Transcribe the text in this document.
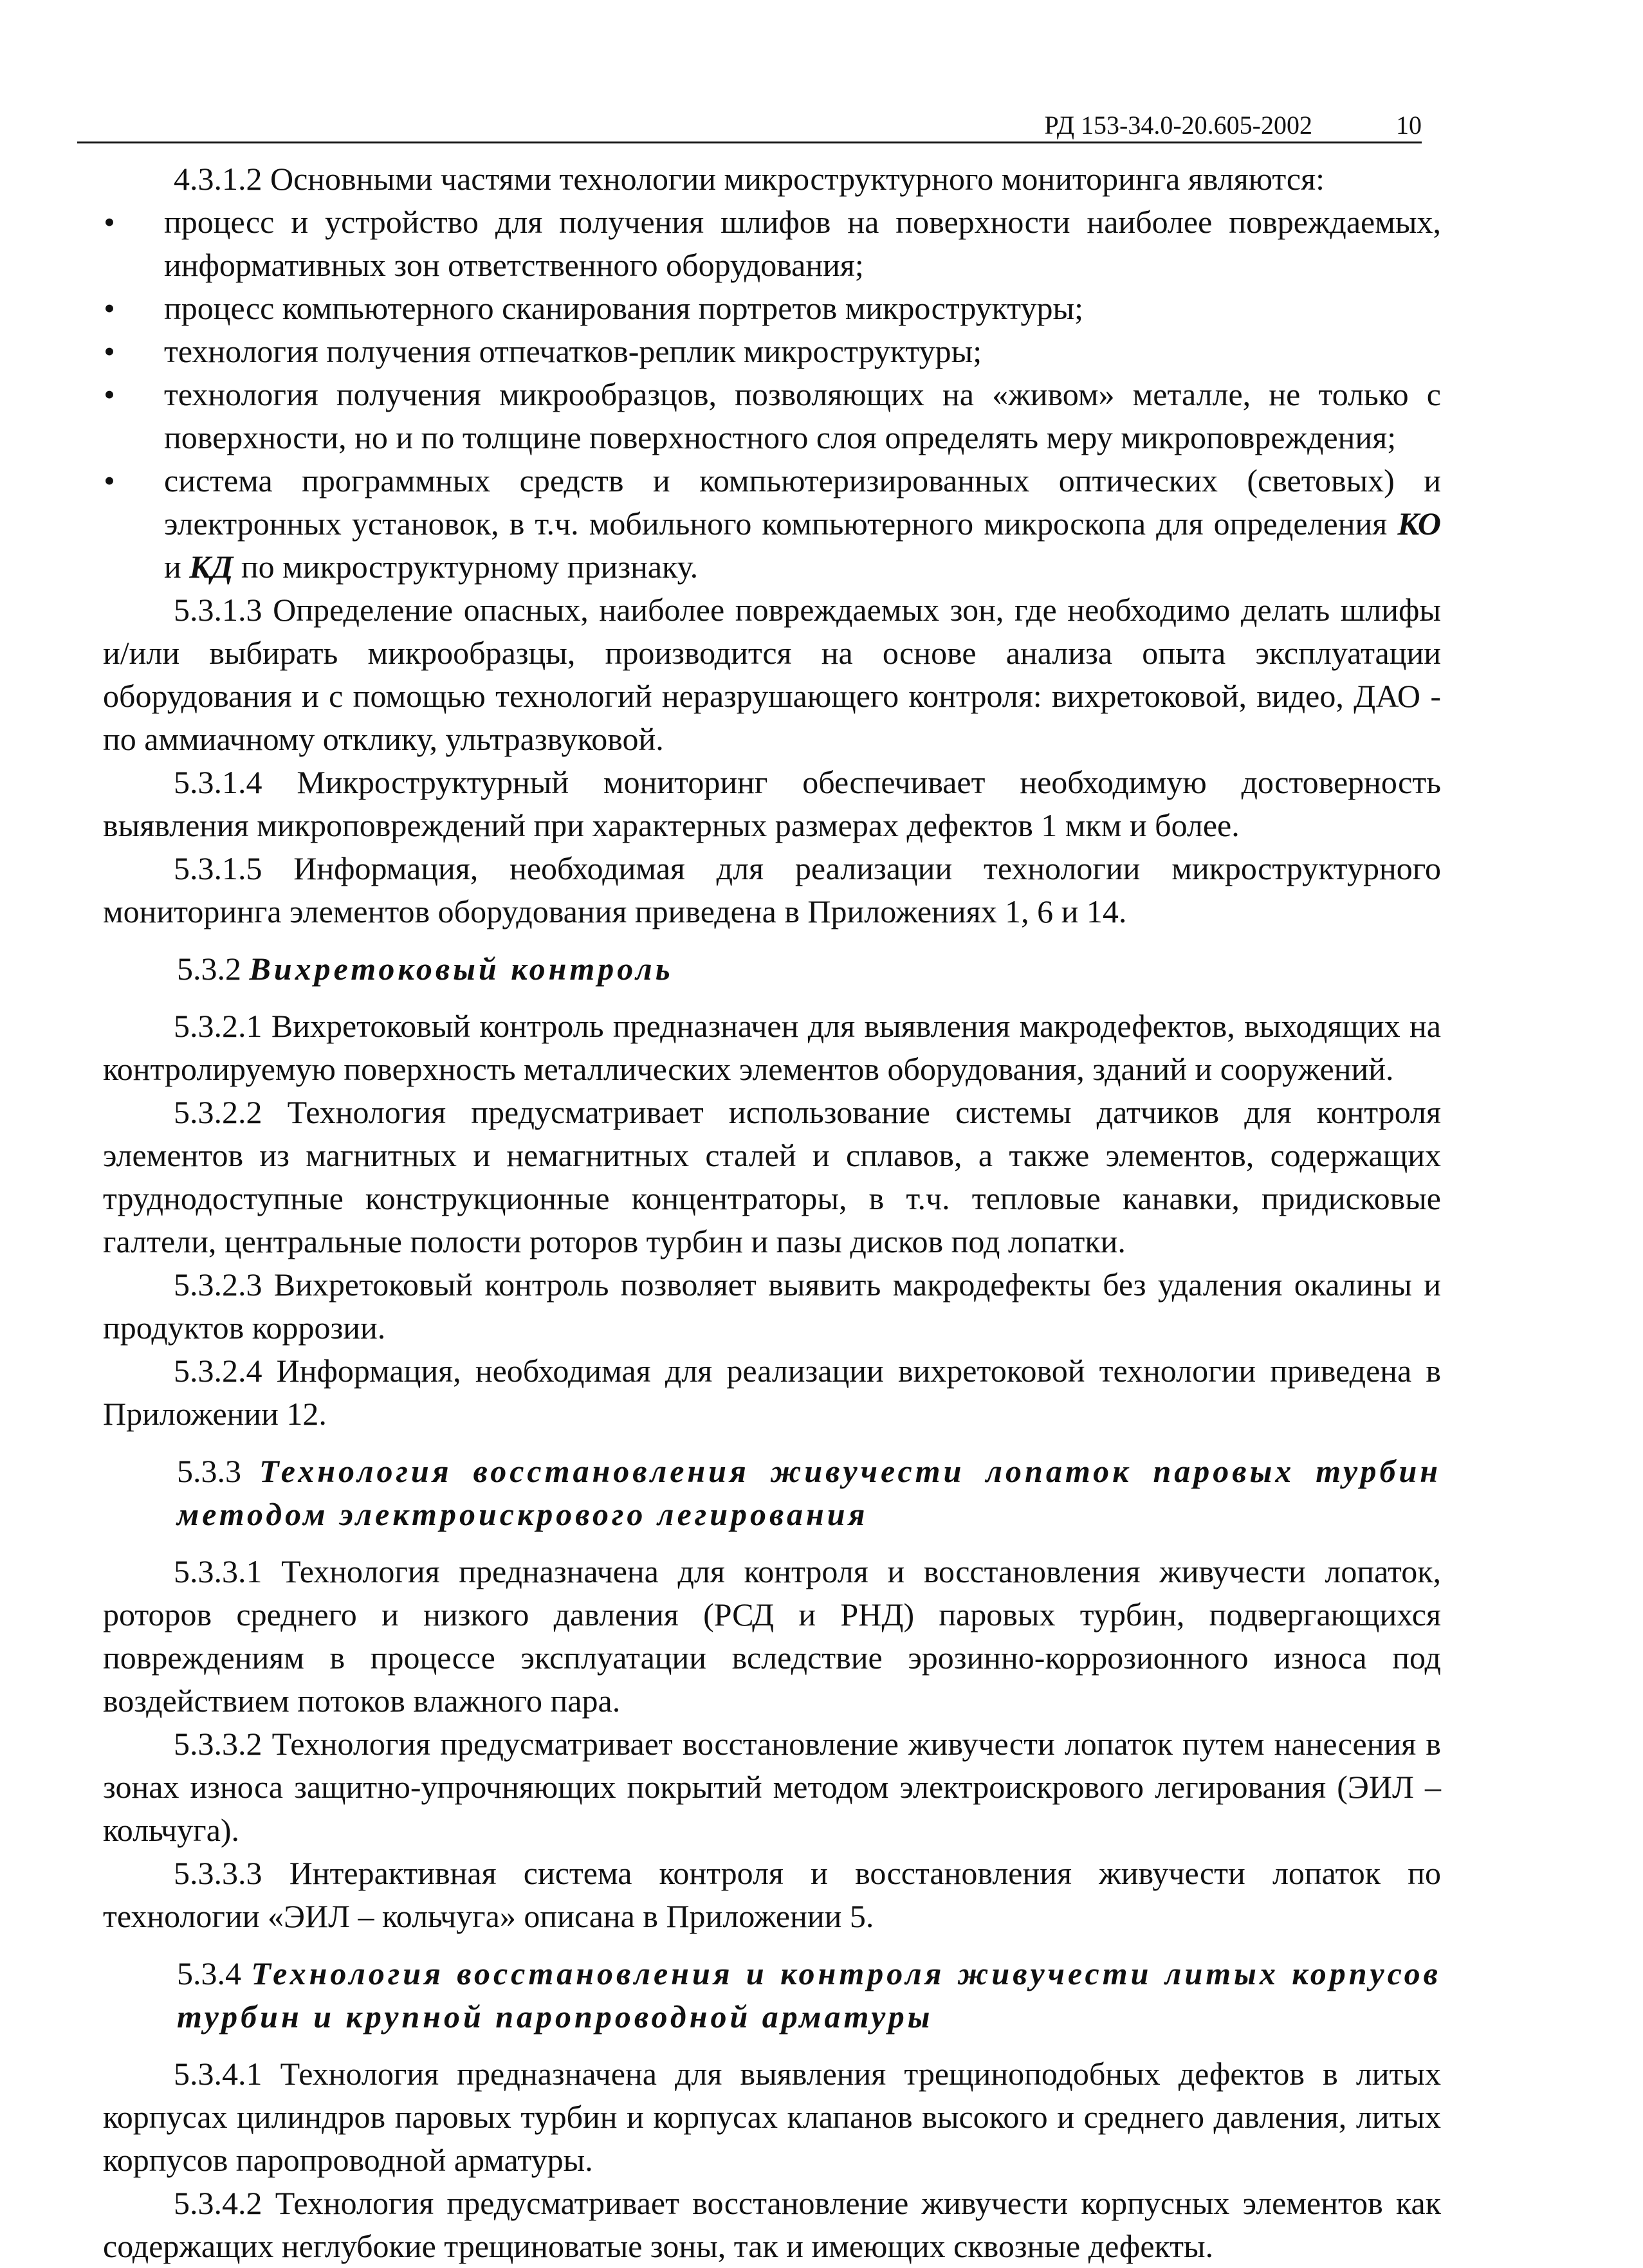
РД 153-34.0-20.605-2002	10

4.3.1.2 Основными частями технологии микроструктурного мониторинга являются:

• процесс и устройство для получения шлифов на поверхности наиболее повреждаемых, информативных зон ответственного оборудования;
• процесс компьютерного сканирования портретов микроструктуры;
• технология получения отпечатков-реплик микроструктуры;
• технология получения микрообразцов, позволяющих на «живом» металле, не только с поверхности, но и по толщине поверхностного слоя определять меру микроповреждения;
• система программных средств и компьютеризированных оптических (световых) и электронных установок, в т.ч. мобильного компьютерного микроскопа для определения КО и КД по микроструктурному признаку.

5.3.1.3 Определение опасных, наиболее повреждаемых зон, где необходимо делать шлифы и/или выбирать микрообразцы, производится на основе анализа опыта эксплуатации оборудования и с помощью технологий неразрушающего контроля: вихретоковой, видео, ДАО - по аммиачному отклику, ультразвуковой.

5.3.1.4 Микроструктурный мониторинг обеспечивает необходимую достоверность выявления микроповреждений при характерных размерах дефектов 1 мкм и более.

5.3.1.5 Информация, необходимая для реализации технологии микроструктурного мониторинга элементов оборудования приведена в Приложениях 1, 6 и 14.

5.3.2 Вихретоковый контроль

5.3.2.1 Вихретоковый контроль предназначен для выявления макродефектов, выходящих на контролируемую поверхность металлических элементов оборудования, зданий и сооружений.

5.3.2.2 Технология предусматривает использование системы датчиков для контроля элементов из магнитных и немагнитных сталей и сплавов, а также элементов, содержащих труднодоступные конструкционные концентраторы, в т.ч. тепловые канавки, придисковые галтели, центральные полости роторов турбин и пазы дисков под лопатки.

5.3.2.3 Вихретоковый контроль позволяет выявить макродефекты без удаления окалины и продуктов коррозии.

5.3.2.4 Информация, необходимая для реализации вихретоковой технологии приведена в Приложении 12.

5.3.3 Технология восстановления живучести лопаток паровых турбин методом электроискрового легирования

5.3.3.1 Технология предназначена для контроля и восстановления живучести лопаток, роторов среднего и низкого давления (РСД и РНД) паровых турбин, подвергающихся повреждениям в процессе эксплуатации вследствие эрозинно-коррозионного износа под воздействием потоков влажного пара.

5.3.3.2 Технология предусматривает восстановление живучести лопаток путем нанесения в зонах износа защитно-упрочняющих покрытий методом электроискрового легирования (ЭИЛ – кольчуга).

5.3.3.3 Интерактивная система контроля и восстановления живучести лопаток по технологии «ЭИЛ – кольчуга» описана в Приложении 5.

5.3.4 Технология восстановления и контроля живучести литых корпусов турбин и крупной паропроводной арматуры

5.3.4.1 Технология предназначена для выявления трещиноподобных дефектов в литых корпусах цилиндров паровых турбин и корпусах клапанов высокого и среднего давления, литых корпусов паропроводной арматуры.

5.3.4.2 Технология предусматривает восстановление живучести корпусных элементов как содержащих неглубокие трещиноватые зоны, так и имеющих сквозные дефекты.
